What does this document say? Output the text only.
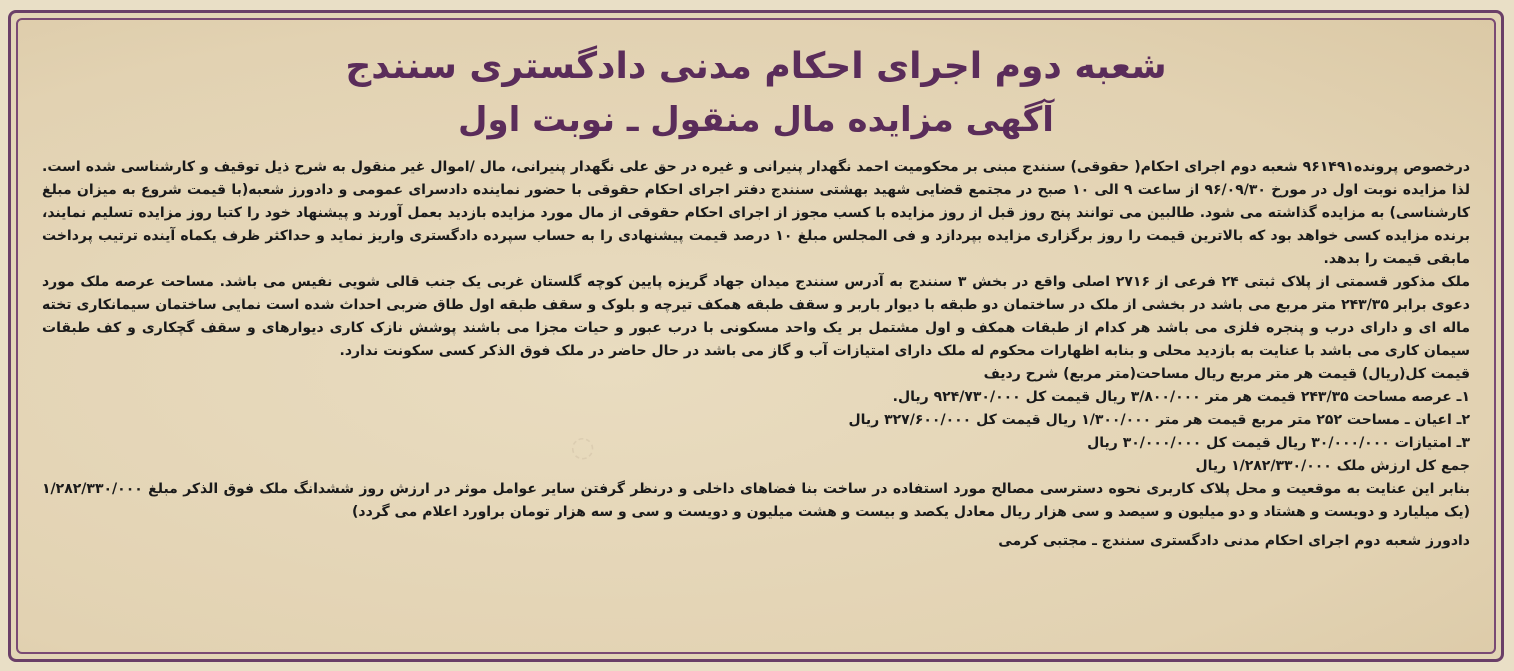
شعبه دوم اجرای احکام مدنی دادگستری سنندج
آگهی مزایده مال منقول ـ نوبت اول

درخصوص پرونده۹۶۱۴۹۱ شعبه دوم اجرای احکام( حقوقی) سنندج مبنی بر محکومیت احمد نگهدار پنیرانی و غیره در حق علی نگهدار پنیرانی، مال /اموال غیر منقول به شرح ذیل توقیف و کارشناسی شده است. لذا مزایده نوبت اول در مورخ ۹۶/۰۹/۳۰ از ساعت ۹ الی ۱۰ صبح در مجتمع قضایی شهید بهشتی سنندج دفتر اجرای احکام حقوقی با حضور نماینده دادسرای عمومی و دادورز شعبه(با قیمت شروع به میزان مبلغ کارشناسی) به مزایده گذاشته می شود. طالبین می توانند پنج روز قبل از روز مزایده با کسب مجوز از اجرای احکام حقوقی از مال مورد مزایده بازدید بعمل آورند و پیشنهاد خود را کتبا روز مزایده تسلیم نمایند، برنده مزایده کسی خواهد بود که بالاترین قیمت را روز برگزاری مزایده بپردازد و فی المجلس مبلغ ۱۰ درصد قیمت پیشنهادی را به حساب سپرده دادگستری واریز نماید و حداکثر ظرف یکماه آینده ترتیب پرداخت مابقی قیمت را بدهد.

ملک مذکور قسمتی از پلاک ثبتی ۲۴ فرعی از ۲۷۱۶ اصلی واقع در بخش ۳ سنندج به آدرس سنندج میدان جهاد گریزه پایین کوچه گلستان غربی یک جنب قالی شویی نفیس می باشد. مساحت عرصه ملک مورد دعوی برابر ۲۴۳/۳۵ متر مربع می باشد در بخشی از ملک در ساختمان دو طبقه با دیوار باربر و سقف طبقه همکف تیرچه و بلوک و سقف طبقه اول طاق ضربی احداث شده است نمایی ساختمان سیمانکاری تخته ماله ای و دارای درب و پنجره فلزی می باشد هر کدام از طبقات همکف و اول مشتمل بر یک واحد مسکونی با درب عبور و حیات مجزا می باشند پوشش نازک کاری دیوارهای و سقف گچکاری و کف طبقات سیمان کاری می باشد با عنایت به بازدید محلی و بنابه اظهارات محکوم له ملک دارای امتیازات آب و گاز می باشد در حال حاضر در ملک فوق الذکر کسی سکونت ندارد.

قیمت کل(ریال) قیمت هر متر مربع ریال مساحت(متر مربع) شرح ردیف

۱ـ عرصه مساحت ۲۴۳/۳۵ قیمت هر متر ۳/۸۰۰/۰۰۰ ریال قیمت کل ۹۲۴/۷۳۰/۰۰۰ ریال.

۲ـ اعیان ـ مساحت ۲۵۲ متر مربع قیمت هر متر ۱/۳۰۰/۰۰۰ ریال قیمت کل ۳۲۷/۶۰۰/۰۰۰ ریال

۳ـ امتیازات ۳۰/۰۰۰/۰۰۰ ریال قیمت کل ۳۰/۰۰۰/۰۰۰ ریال

جمع کل ارزش ملک ۱/۲۸۲/۳۳۰/۰۰۰ ریال

بنابر این عنایت به موقعیت و محل پلاک کاربری نحوه دسترسی مصالح مورد استفاده در ساخت بنا فضاهای داخلی و درنظر گرفتن سایر عوامل موثر در ارزش روز ششدانگ ملک فوق الذکر مبلغ ۱/۲۸۲/۳۳۰/۰۰۰ (یک میلیارد و دویست و هشتاد و دو میلیون و سیصد و سی هزار ریال معادل یکصد و بیست و هشت میلیون و دویست و سی و سه هزار تومان براورد اعلام می گردد)

دادورز شعبه دوم اجرای احکام مدنی دادگستری سنندج ـ مجتبی کرمی
